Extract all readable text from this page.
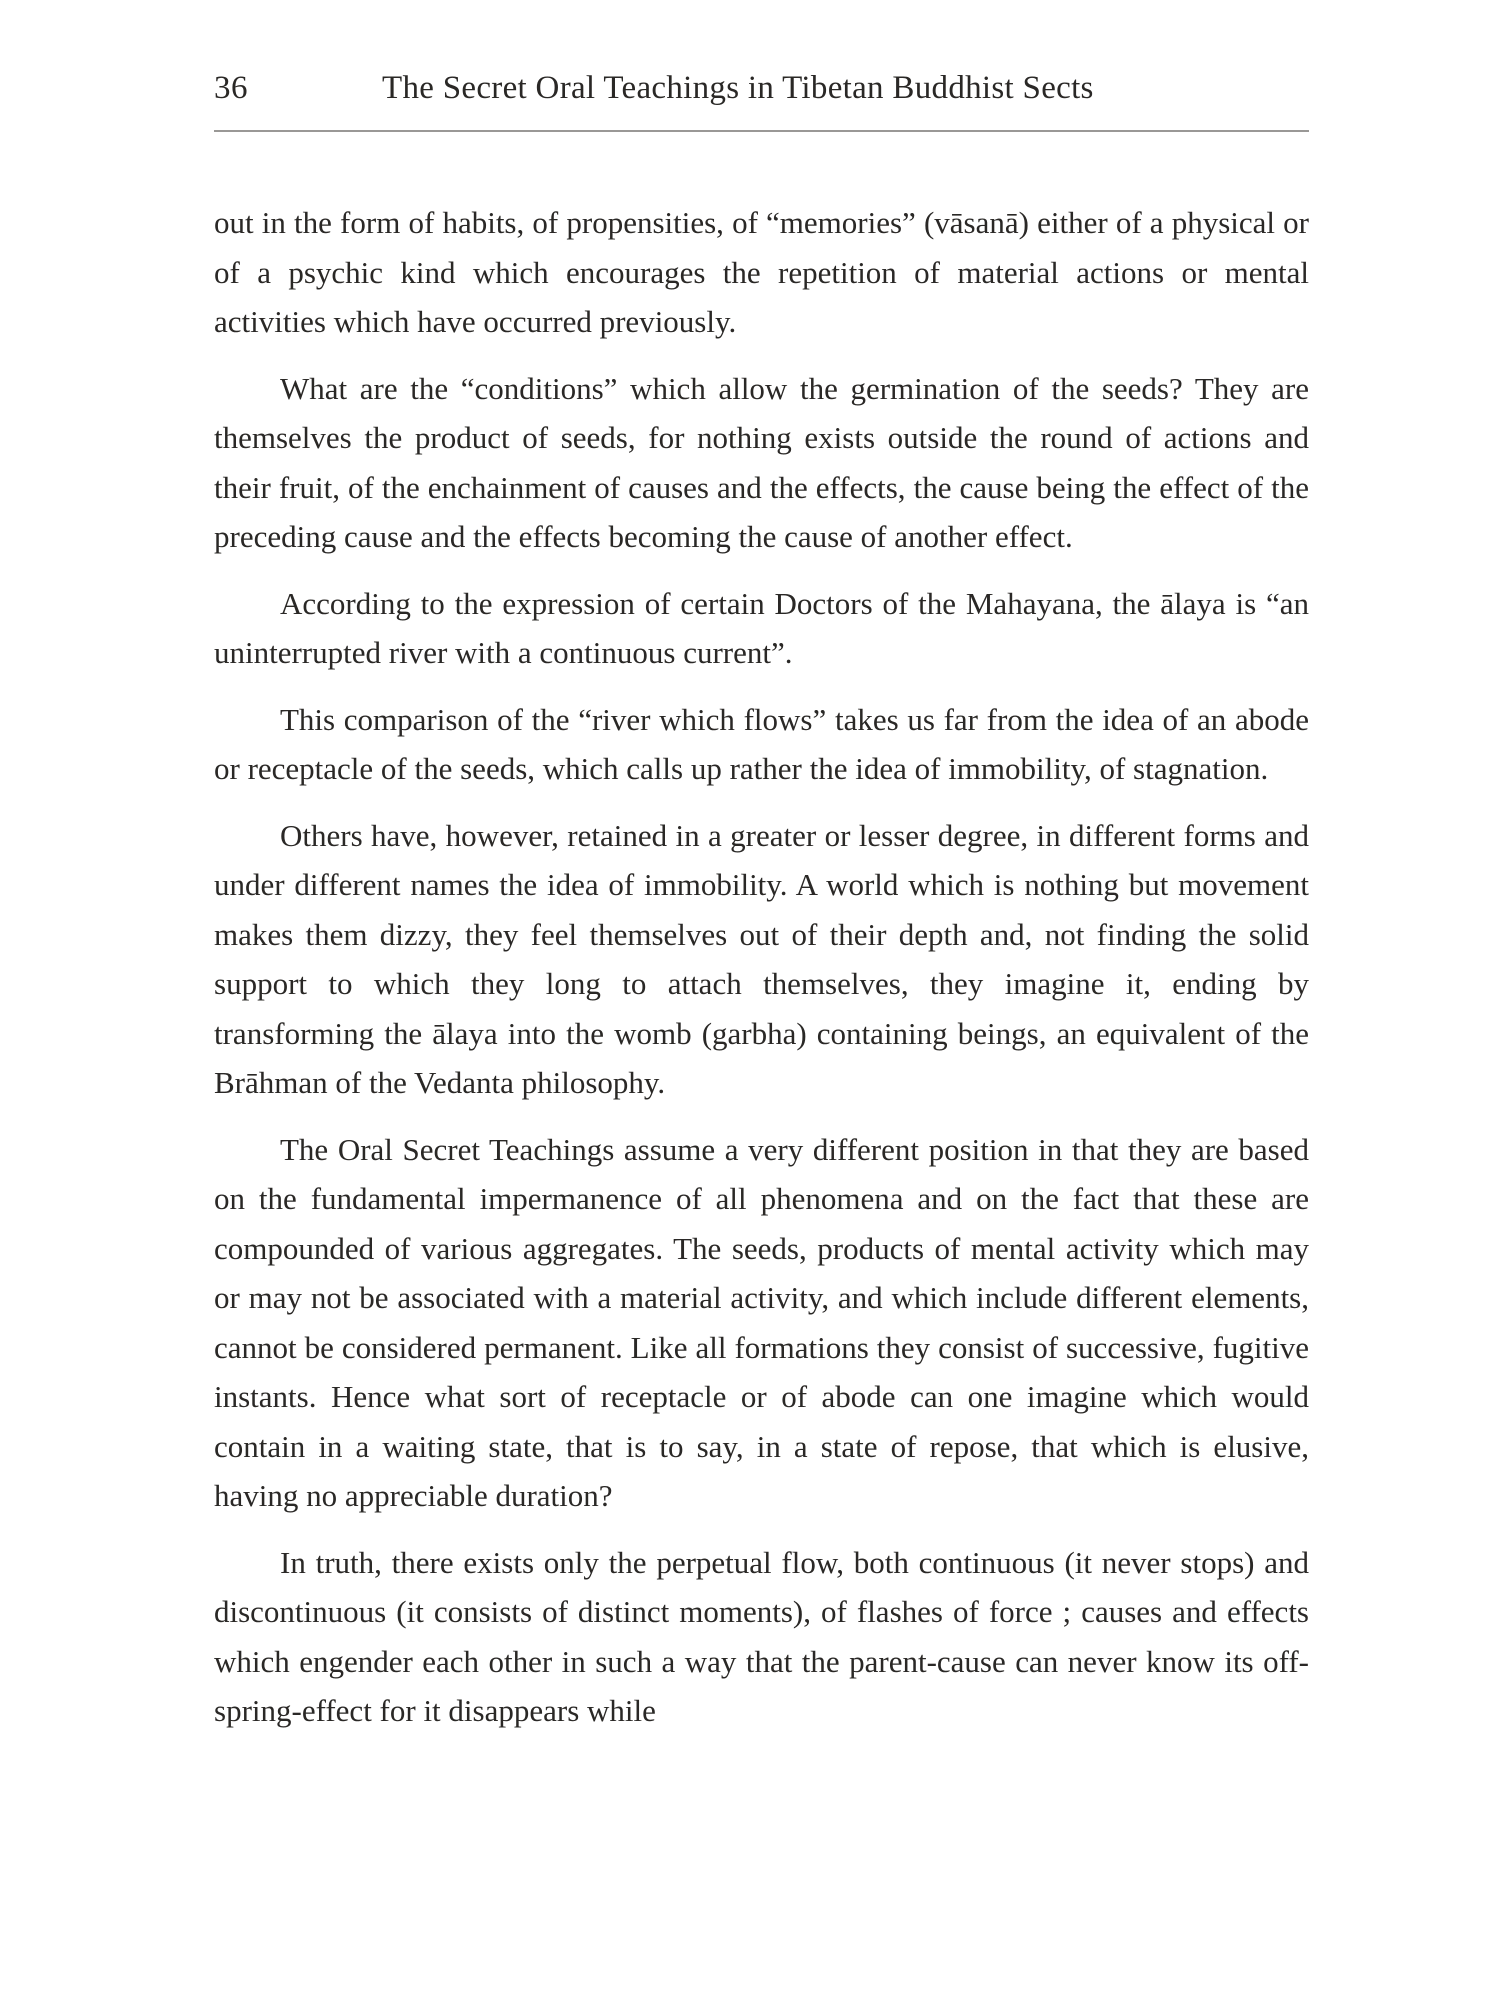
36	The Secret Oral Teachings in Tibetan Buddhist Sects

out in the form of habits, of propensities, of “memories” (vāsanā) either of a physical or of a psychic kind which encourages the repetition of material actions or mental activities which have occurred previously.

What are the “conditions” which allow the germination of the seeds? They are themselves the product of seeds, for nothing exists outside the round of actions and their fruit, of the enchainment of causes and the effects, the cause being the effect of the preceding cause and the effects becoming the cause of another effect.

According to the expression of certain Doctors of the Mahayana, the ālaya is “an uninterrupted river with a continuous current”.

This comparison of the “river which flows” takes us far from the idea of an abode or receptacle of the seeds, which calls up rather the idea of immobility, of stagnation.

Others have, however, retained in a greater or lesser degree, in different forms and under different names the idea of immobility. A world which is nothing but movement makes them dizzy, they feel themselves out of their depth and, not finding the solid support to which they long to attach themselves, they imagine it, ending by transforming the ālaya into the womb (garbha) containing beings, an equivalent of the Brāhman of the Vedanta philosophy.

The Oral Secret Teachings assume a very different position in that they are based on the fundamental impermanence of all phenomena and on the fact that these are compounded of various aggregates. The seeds, products of mental activity which may or may not be associated with a material activity, and which include different elements, cannot be considered permanent. Like all formations they consist of successive, fugitive instants. Hence what sort of receptacle or of abode can one imagine which would contain in a waiting state, that is to say, in a state of repose, that which is elusive, having no appreciable duration?

In truth, there exists only the perpetual flow, both continuous (it never stops) and discontinuous (it consists of distinct moments), of flashes of force ; causes and effects which engender each other in such a way that the parent-cause can never know its off-spring-effect for it disappears while
